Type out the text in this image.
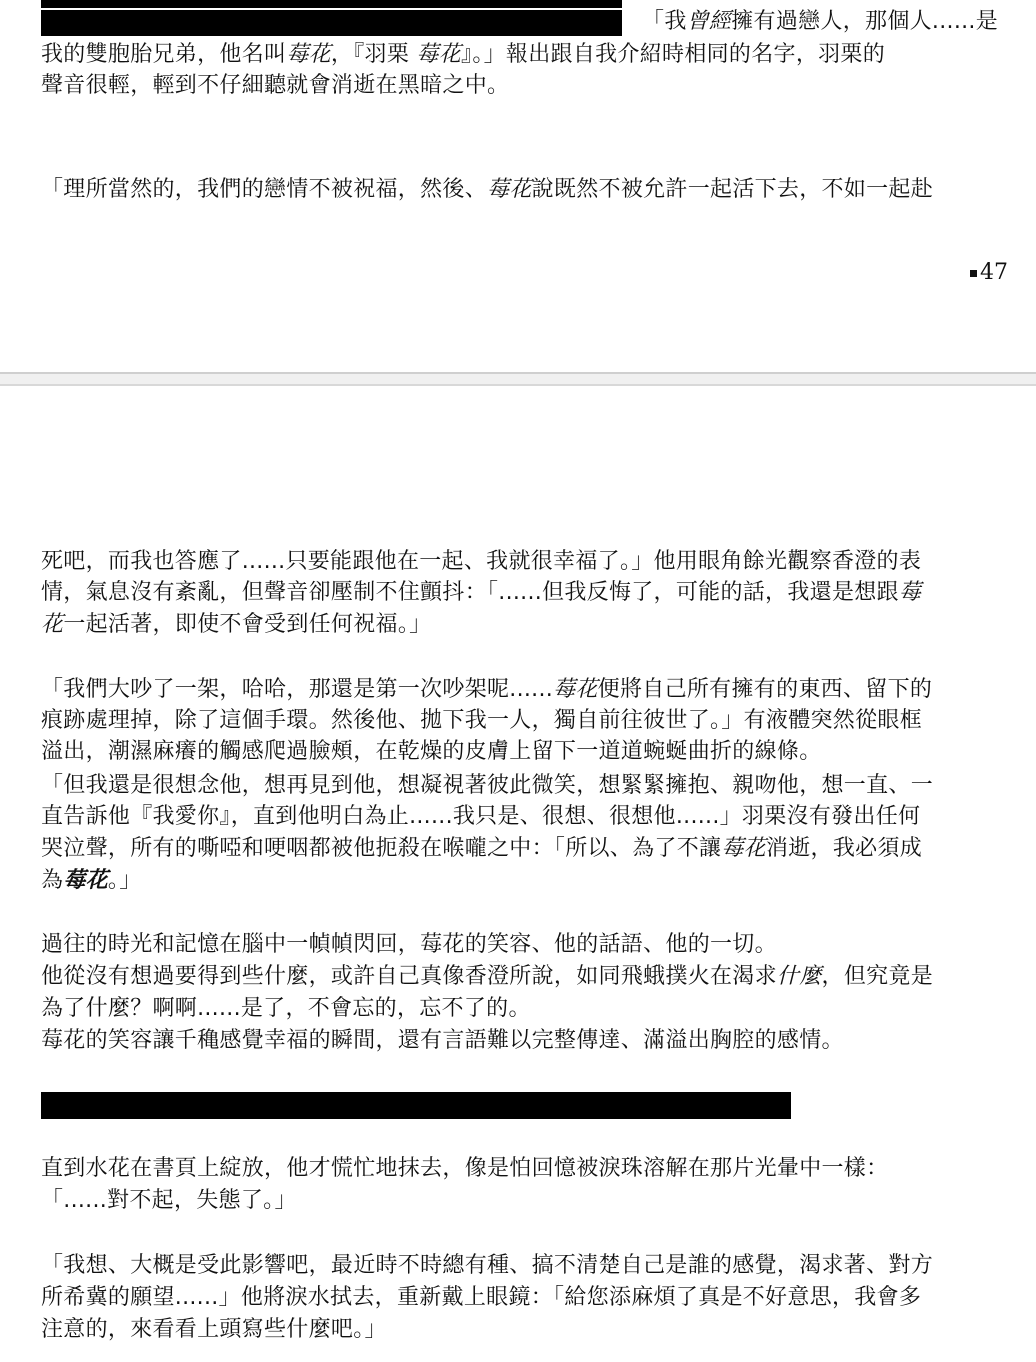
「我曾經擁有過戀人，那個人......是
我的雙胞胎兄弟，他名叫莓花，『羽栗 莓花』。」報出跟自我介紹時相同的名字，羽栗的
聲音很輕，輕到不仔細聽就會消逝在黑暗之中。
「理所當然的，我們的戀情不被祝福，然後、莓花說既然不被允許一起活下去，不如一起赴
47
死吧，而我也答應了......只要能跟他在一起、我就很幸福了。」他用眼角餘光觀察香澄的表
情，氣息沒有紊亂，但聲音卻壓制不住顫抖：「......但我反悔了，可能的話，我還是想跟莓
花一起活著，即使不會受到任何祝福。」
「我們大吵了一架，哈哈，那還是第一次吵架呢......莓花便將自己所有擁有的東西、留下的
痕跡處理掉，除了這個手環。然後他、拋下我一人，獨自前往彼世了。」有液體突然從眼框
溢出，潮濕麻癢的觸感爬過臉頰，在乾燥的皮膚上留下一道道蜿蜒曲折的線條。
「但我還是很想念他，想再見到他，想凝視著彼此微笑，想緊緊擁抱、親吻他，想一直、一
直告訴他『我愛你』，直到他明白為止......我只是、很想、很想他......」羽栗沒有發出任何
哭泣聲，所有的嘶啞和哽咽都被他扼殺在喉嚨之中：「所以、為了不讓莓花消逝，我必須成
為莓花。」
過往的時光和記憶在腦中一幀幀閃回，莓花的笑容、他的話語、他的一切。
他從沒有想過要得到些什麼，或許自己真像香澄所說，如同飛蛾撲火在渴求什麼，但究竟是
為了什麼？啊啊......是了，不會忘的，忘不了的。
莓花的笑容讓千穐感覺幸福的瞬間，還有言語難以完整傳達、滿溢出胸腔的感情。
直到水花在書頁上綻放，他才慌忙地抹去，像是怕回憶被淚珠溶解在那片光暈中一樣：
「......對不起，失態了。」
「我想、大概是受此影響吧，最近時不時總有種、搞不清楚自己是誰的感覺，渴求著、對方
所希冀的願望......」他將淚水拭去，重新戴上眼鏡：「給您添麻煩了真是不好意思，我會多
注意的，來看看上頭寫些什麼吧。」
